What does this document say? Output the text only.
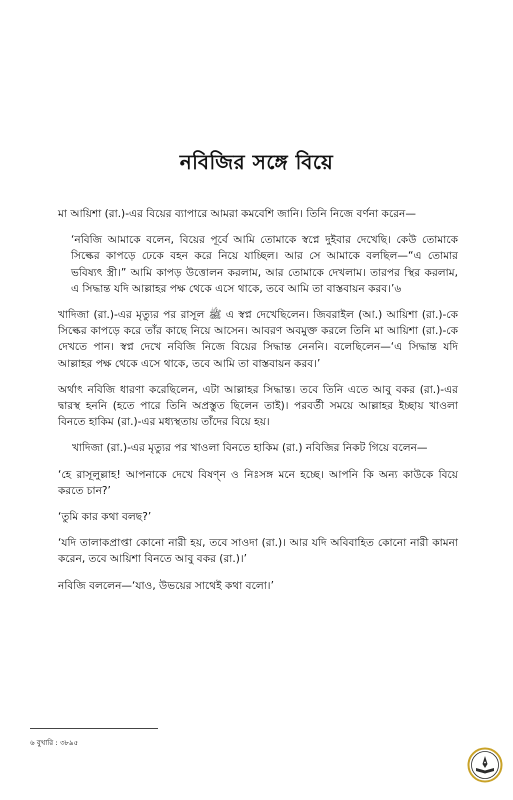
নবিজির সঙ্গে বিয়ে

মা আয়িশা (রা.)-এর বিয়ের ব্যাপারে আমরা কমবেশি জানি। তিনি নিজে বর্ণনা করেন—

‘নবিজি আমাকে বলেন, বিয়ের পূর্বে আমি তোমাকে স্বপ্নে দুইবার দেখেছি। কেউ তোমাকে সিল্কের কাপড়ে ঢেকে বহন করে নিয়ে যাচ্ছিল। আর সে আমাকে বলছিল—“এ তোমার ভবিষ্যৎ স্ত্রী।” আমি কাপড় উত্তোলন করলাম, আর তোমাকে দেখলাম। তারপর স্থির করলাম, এ সিদ্ধান্ত যদি আল্লাহর পক্ষ থেকে এসে থাকে, তবে আমি তা বাস্তবায়ন করব।’৬

খাদিজা (রা.)-এর মৃত্যুর পর রাসূল ﷺ এ স্বপ্ন দেখেছিলেন। জিবরাইল (আ.) আয়িশা (রা.)-কে সিল্কের কাপড়ে করে তাঁর কাছে নিয়ে আসেন। আবরণ অবমুক্ত করলে তিনি মা আয়িশা (রা.)-কে দেখতে পান। স্বপ্ন দেখে নবিজি নিজে বিয়ের সিদ্ধান্ত নেননি। বলেছিলেন—‘এ সিদ্ধান্ত যদি আল্লাহর পক্ষ থেকে এসে থাকে, তবে আমি তা বাস্তবায়ন করব।’

অর্থাৎ নবিজি ধারণা করেছিলেন, এটা আল্লাহর সিদ্ধান্ত। তবে তিনি এতে আবু বকর (রা.)-এর দ্বারস্থ হননি (হতে পারে তিনি অপ্রস্তুত ছিলেন তাই)। পরবর্তী সময়ে আল্লাহর ইচ্ছায় খাওলা বিনতে হাকিম (রা.)-এর মধ্যস্থতায় তাঁদের বিয়ে হয়।

খাদিজা (রা.)-এর মৃত্যুর পর খাওলা বিনতে হাকিম (রা.) নবিজির নিকট গিয়ে বলেন—

‘হে রাসূলুল্লাহ! আপনাকে দেখে বিষণ্ন ও নিঃসঙ্গ মনে হচ্ছে। আপনি কি অন্য কাউকে বিয়ে করতে চান?’

‘তুমি কার কথা বলছ?’

‘যদি তালাকপ্রাপ্তা কোনো নারী হয়, তবে সাওদা (রা.)। আর যদি অবিবাহিত কোনো নারী কামনা করেন, তবে আয়িশা বিনতে আবু বকর (রা.)।’

নবিজি বললেন—‘যাও, উভয়ের সাথেই কথা বলো।’

৬ বুখারি : ৩৮৯৫
